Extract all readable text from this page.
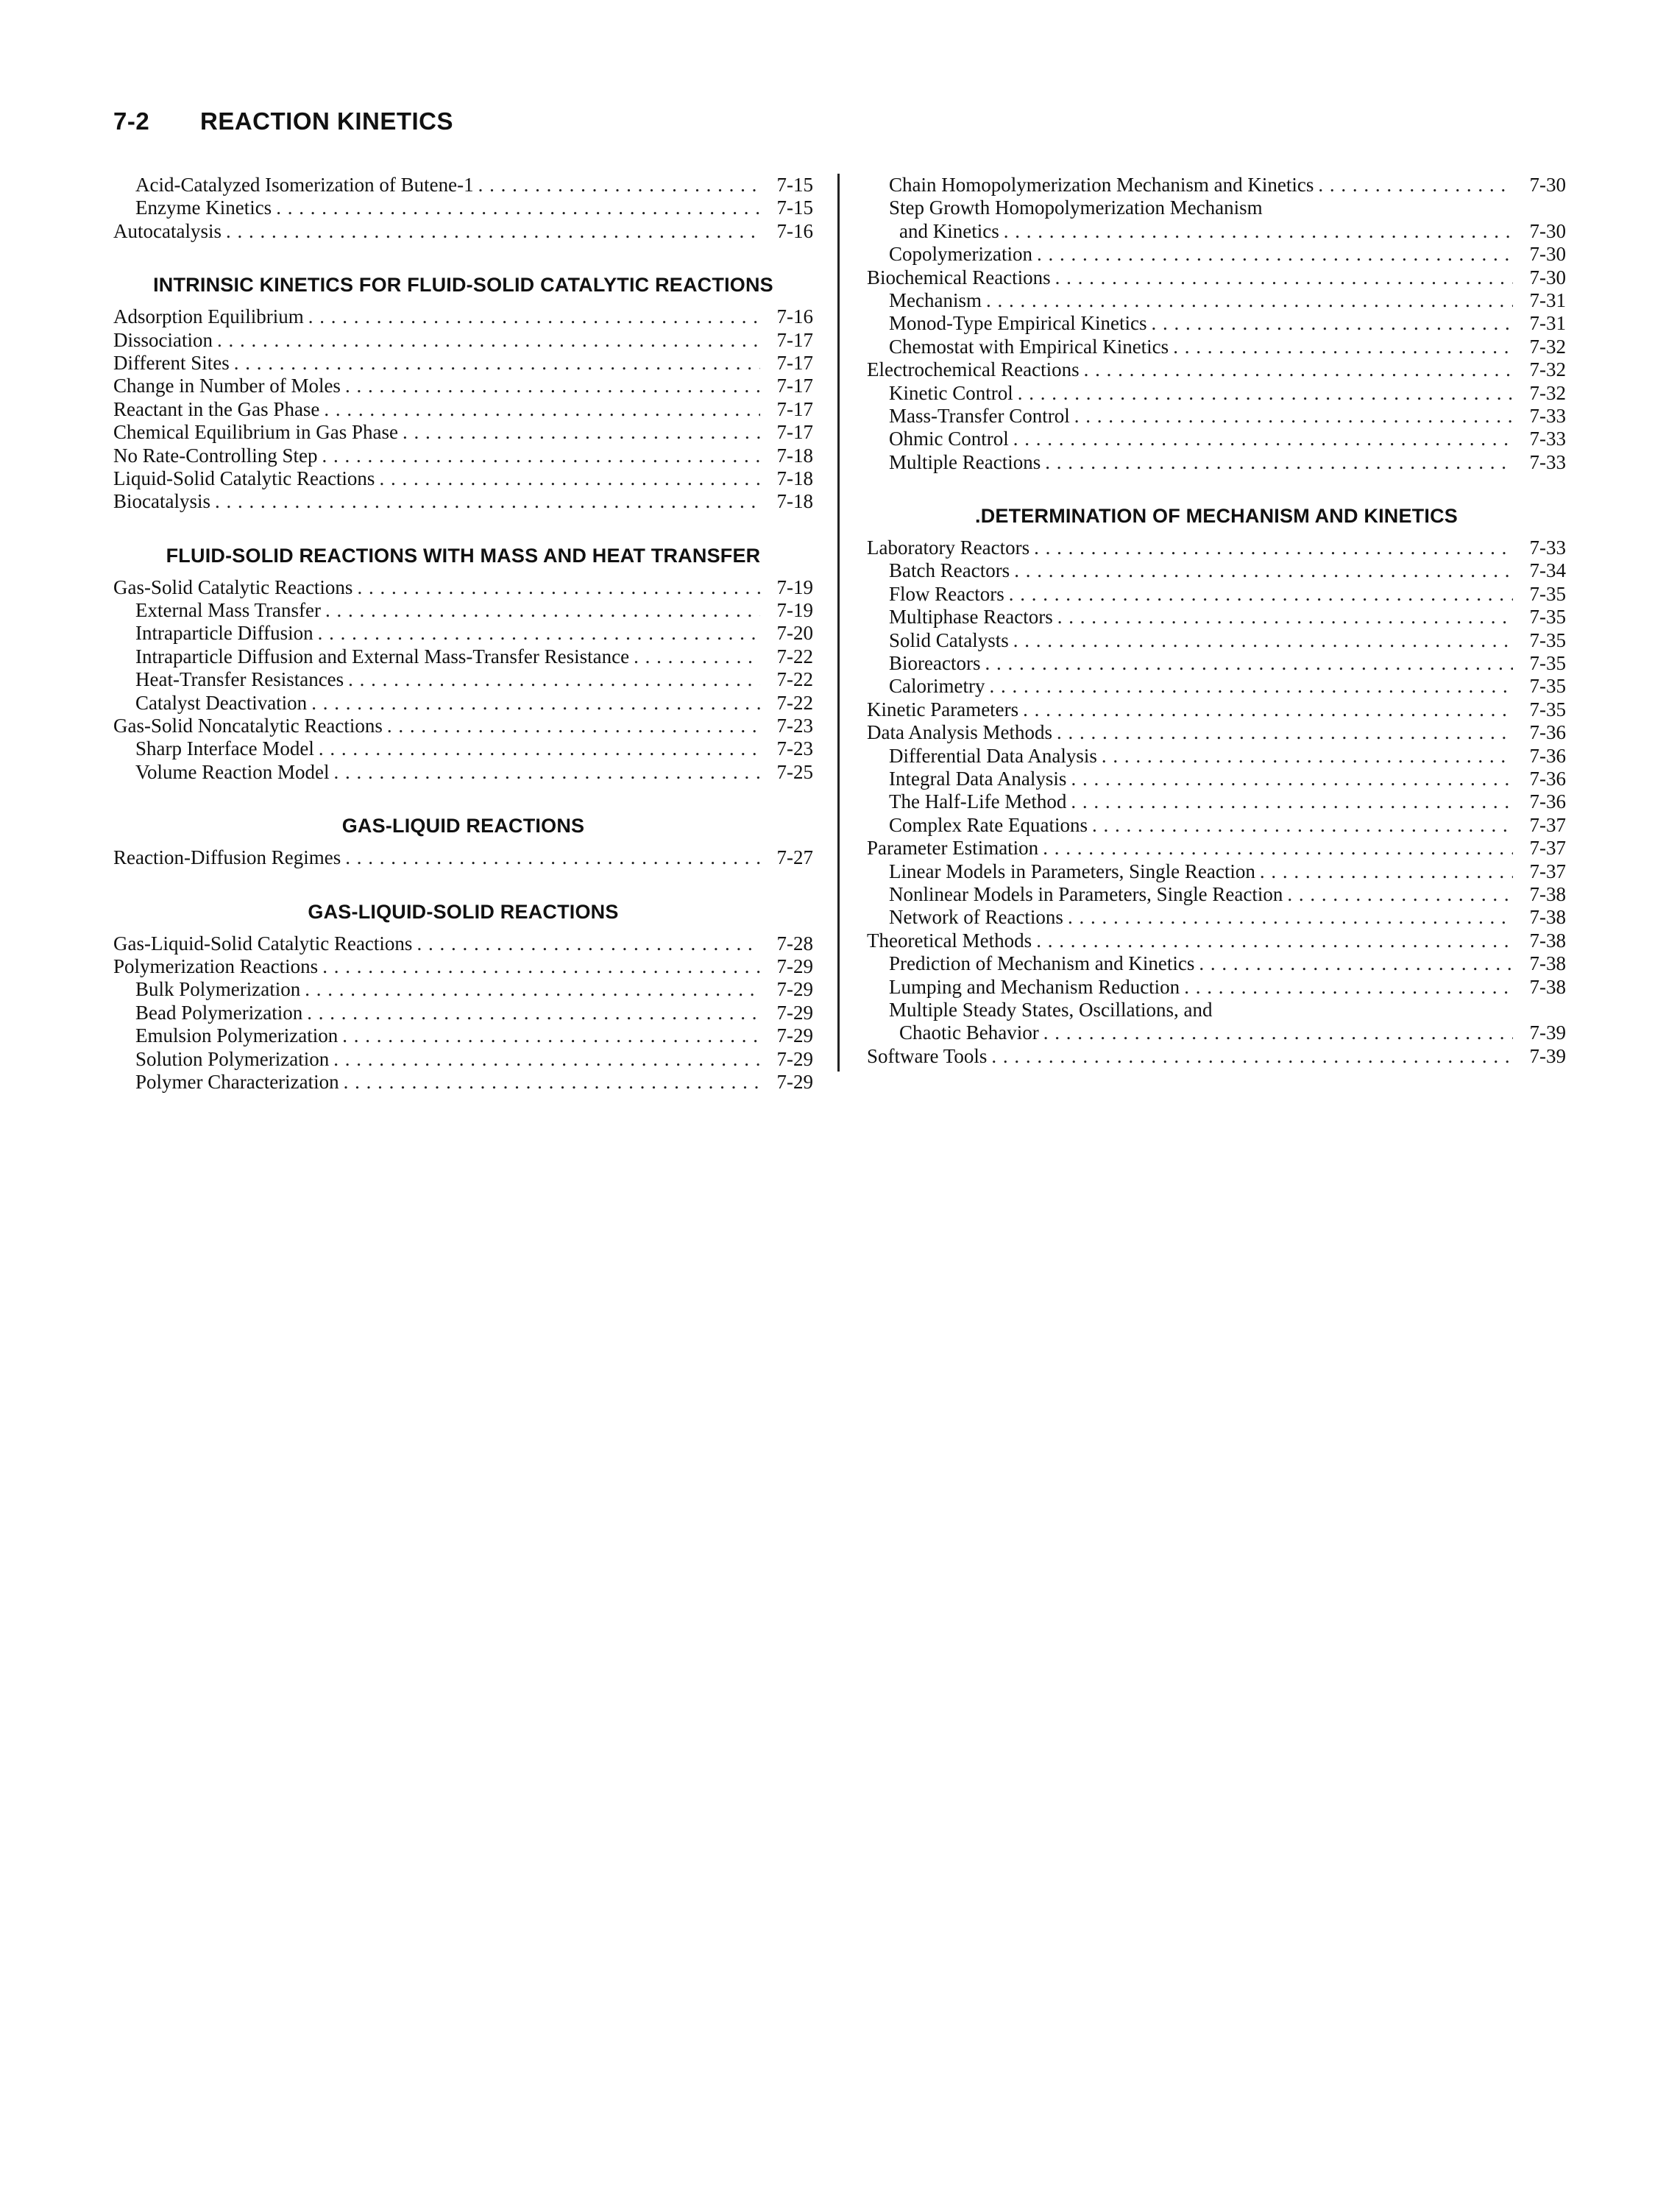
7-2 REACTION KINETICS
Acid-Catalyzed Isomerization of Butene-1 . . .	7-15
Enzyme Kinetics . . .	7-15
Autocatalysis . . .	7-16
INTRINSIC KINETICS FOR FLUID-SOLID CATALYTIC REACTIONS
Adsorption Equilibrium . . .	7-16
Dissociation . . .	7-17
Different Sites . . .	7-17
Change in Number of Moles . . .	7-17
Reactant in the Gas Phase . . .	7-17
Chemical Equilibrium in Gas Phase . . .	7-17
No Rate-Controlling Step . . .	7-18
Liquid-Solid Catalytic Reactions . . .	7-18
Biocatalysis . . .	7-18
FLUID-SOLID REACTIONS WITH MASS AND HEAT TRANSFER
Gas-Solid Catalytic Reactions . . .	7-19
External Mass Transfer . . .	7-19
Intraparticle Diffusion . . .	7-20
Intraparticle Diffusion and External Mass-Transfer Resistance . . .	7-22
Heat-Transfer Resistances . . .	7-22
Catalyst Deactivation . . .	7-22
Gas-Solid Noncatalytic Reactions . . .	7-23
Sharp Interface Model . . .	7-23
Volume Reaction Model . . .	7-25
GAS-LIQUID REACTIONS
Reaction-Diffusion Regimes . . .	7-27
GAS-LIQUID-SOLID REACTIONS
Gas-Liquid-Solid Catalytic Reactions . . .	7-28
Polymerization Reactions . . .	7-29
Bulk Polymerization . . .	7-29
Bead Polymerization . . .	7-29
Emulsion Polymerization . . .	7-29
Solution Polymerization . . .	7-29
Polymer Characterization . . .	7-29
Chain Homopolymerization Mechanism and Kinetics . . .	7-30
Step Growth Homopolymerization Mechanism
and Kinetics . . .	7-30
Copolymerization . . .	7-30
Biochemical Reactions . . .	7-30
Mechanism . . .	7-31
Monod-Type Empirical Kinetics . . .	7-31
Chemostat with Empirical Kinetics . . .	7-32
Electrochemical Reactions . . .	7-32
Kinetic Control . . .	7-32
Mass-Transfer Control . . .	7-33
Ohmic Control . . .	7-33
Multiple Reactions . . .	7-33
.DETERMINATION OF MECHANISM AND KINETICS
Laboratory Reactors . . .	7-33
Batch Reactors . . .	7-34
Flow Reactors . . .	7-35
Multiphase Reactors . . .	7-35
Solid Catalysts . . .	7-35
Bioreactors . . .	7-35
Calorimetry . . .	7-35
Kinetic Parameters . . .	7-35
Data Analysis Methods . . .	7-36
Differential Data Analysis . . .	7-36
Integral Data Analysis . . .	7-36
The Half-Life Method . . .	7-36
Complex Rate Equations . . .	7-37
Parameter Estimation . . .	7-37
Linear Models in Parameters, Single Reaction . . .	7-37
Nonlinear Models in Parameters, Single Reaction . . .	7-38
Network of Reactions . . .	7-38
Theoretical Methods . . .	7-38
Prediction of Mechanism and Kinetics . . .	7-38
Lumping and Mechanism Reduction . . .	7-38
Multiple Steady States, Oscillations, and
Chaotic Behavior . . .	7-39
Software Tools . . .	7-39
